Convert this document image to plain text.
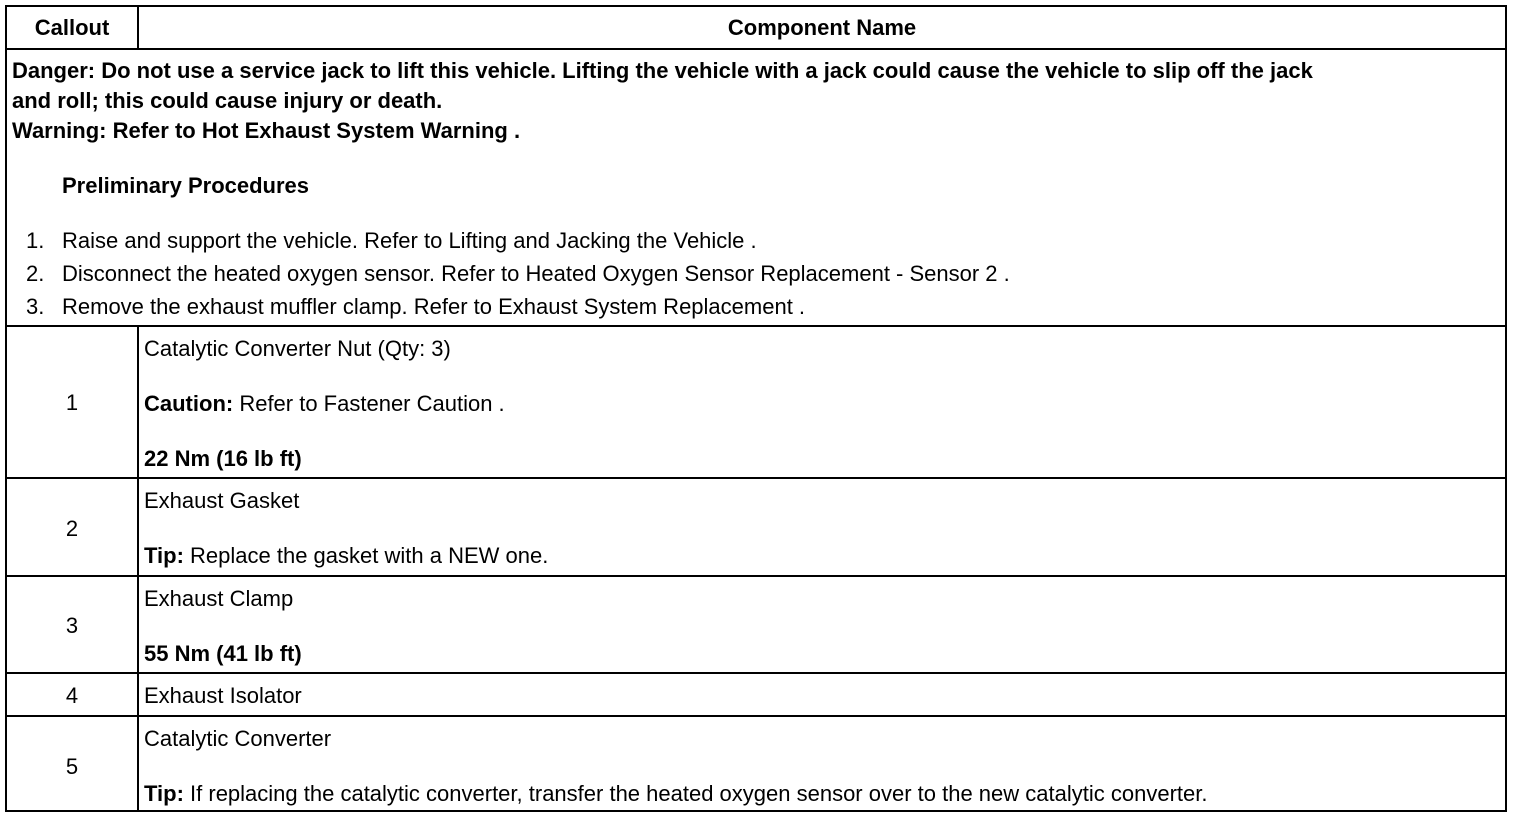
Callout	Component Name
Danger: Do not use a service jack to lift this vehicle. Lifting the vehicle with a jack could cause the vehicle to slip off the jack
and roll; this could cause injury or death.
Warning: Refer to Hot Exhaust System Warning .
Preliminary Procedures
1. Raise and support the vehicle. Refer to Lifting and Jacking the Vehicle .
2. Disconnect the heated oxygen sensor. Refer to Heated Oxygen Sensor Replacement - Sensor 2 .
3. Remove the exhaust muffler clamp. Refer to Exhaust System Replacement .
1
Catalytic Converter Nut (Qty: 3)
Caution: Refer to Fastener Caution .
22 Nm (16 lb ft)
2
Exhaust Gasket
Tip: Replace the gasket with a NEW one.
3
Exhaust Clamp
55 Nm (41 lb ft)
4	Exhaust Isolator
5
Catalytic Converter
Tip: If replacing the catalytic converter, transfer the heated oxygen sensor over to the new catalytic converter.
